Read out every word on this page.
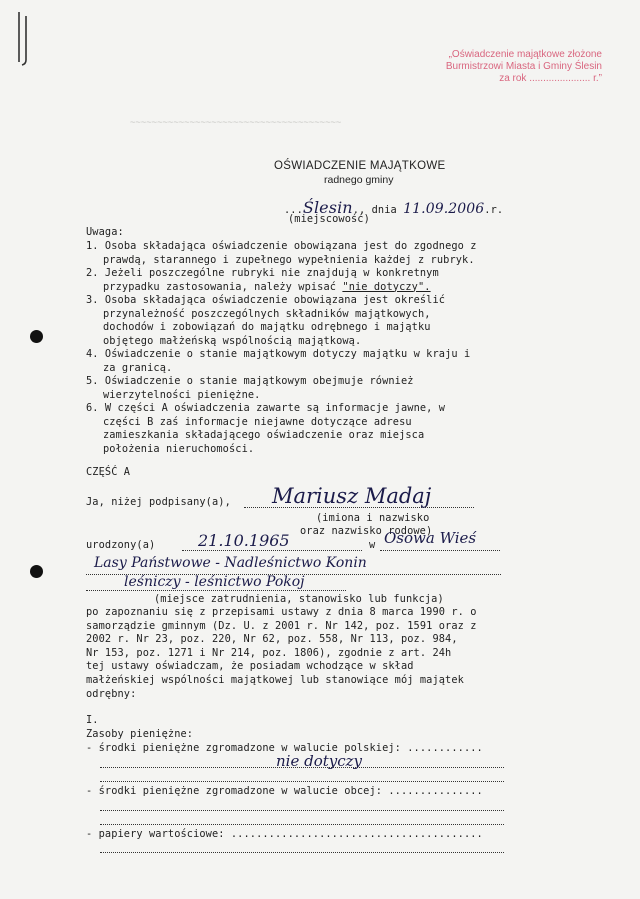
„Oświadczenie majątkowe złożone
Burmistrzowi Miasta i Gminy Ślesin
za rok ...................... r.”
~~~~~~~~~~~~~~~~~~~~~~~~~~~~~~~~~~~~~~~
OŚWIADCZENIE MAJĄTKOWE
radnego gminy
...Ślesin., dnia 11.09.2006.r.
(miejscowość)
Uwaga:
1. Osoba składająca oświadczenie obowiązana jest do zgodnego z
prawdą, starannego i zupełnego wypełnienia każdej z rubryk.
2. Jeżeli poszczególne rubryki nie znajdują w konkretnym
przypadku zastosowania, należy wpisać "nie dotyczy".
3. Osoba składająca oświadczenie obowiązana jest określić
przynależność poszczególnych składników majątkowych,
dochodów i zobowiązań do majątku odrębnego i majątku
objętego małżeńską wspólnością majątkową.
4. Oświadczenie o stanie majątkowym dotyczy majątku w kraju i
za granicą.
5. Oświadczenie o stanie majątkowym obejmuje również
wierzytelności pieniężne.
6. W części A oświadczenia zawarte są informacje jawne, w
części B zaś informacje niejawne dotyczące adresu
zamieszkania składającego oświadczenie oraz miejsca
położenia nieruchomości.
CZĘŚĆ A
Ja, niżej podpisany(a), Mariusz Madaj
(imiona i nazwisko
oraz nazwisko rodowe)
urodzony(a)	21.10.1965	w Osowa Wieś
Lasy Państwowe - Nadleśnictwo Konin
leśniczy - leśnictwo Pokoj
(miejsce zatrudnienia, stanowisko lub funkcja)
po zapoznaniu się z przepisami ustawy z dnia 8 marca 1990 r. o
samorządzie gminnym (Dz. U. z 2001 r. Nr 142, poz. 1591 oraz z
2002 r. Nr 23, poz. 220, Nr 62, poz. 558, Nr 113, poz. 984,
Nr 153, poz. 1271 i Nr 214, poz. 1806), zgodnie z art. 24h
tej ustawy oświadczam, że posiadam wchodzące w skład
małżeńskiej wspólności majątkowej lub stanowiące mój majątek
odrębny:
I.
Zasoby pieniężne:
- środki pieniężne zgromadzone w walucie polskiej: ............
nie dotyczy
- środki pieniężne zgromadzone w walucie obcej: ...............
- papiery wartościowe: ........................................
